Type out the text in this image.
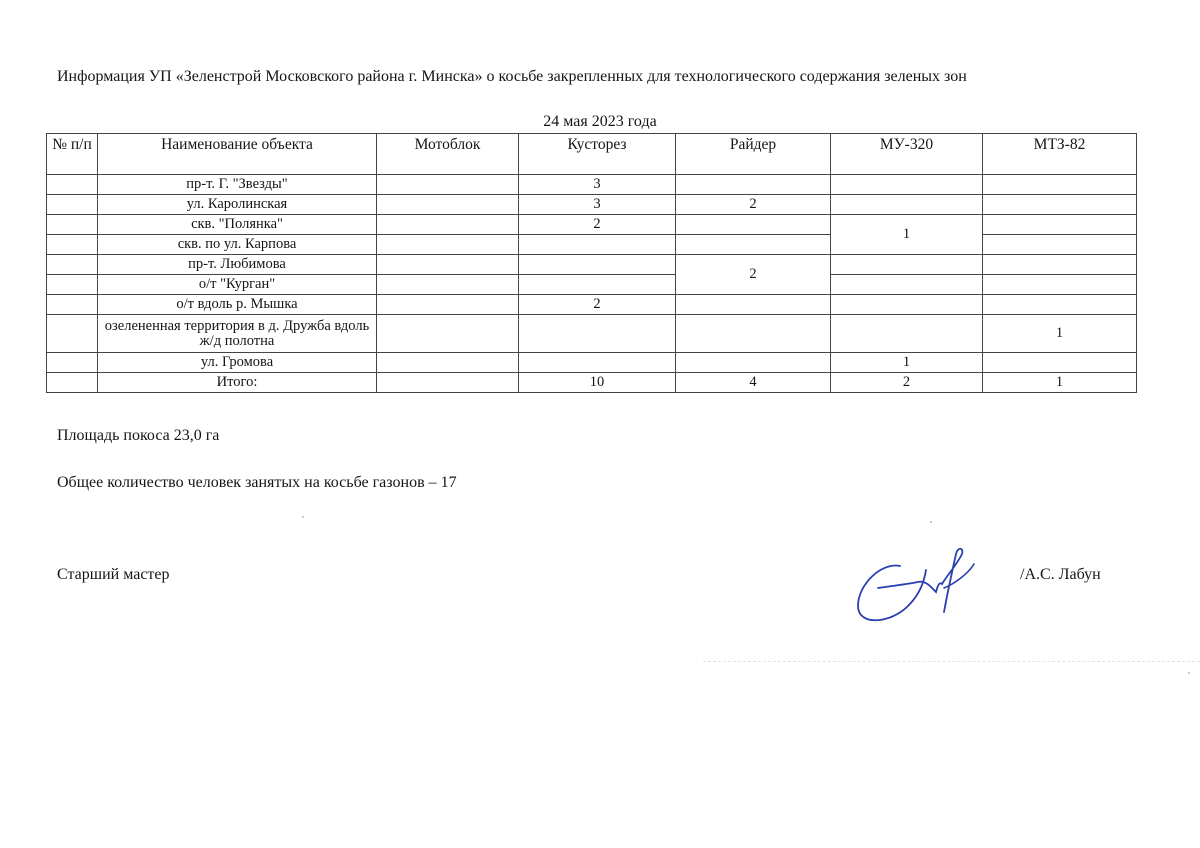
Информация УП «Зеленстрой Московского района г. Минска» о косьбе закрепленных для технологического содержания зеленых зон
24 мая 2023 года
№ п/п	Наименование объекта	Мотоблок	Кусторез	Райдер	МУ-320	МТЗ-82
	пр-т. Г. "Звезды"		3			
	ул. Каролинская		3	2		
	скв. "Полянка"		2		1	
	скв. по ул. Карпова					
	пр-т. Любимова			2		
	о/т "Курган"					
	о/т вдоль р. Мышка		2			
	озелененная территория в д. Дружба вдоль ж/д полотна					1
	ул. Громова				1	
	Итого:		10	4	2	1
Площадь покоса 23,0 га
Общее количество человек занятых на косьбе газонов – 17
Старший мастер	/А.С. Лабун
